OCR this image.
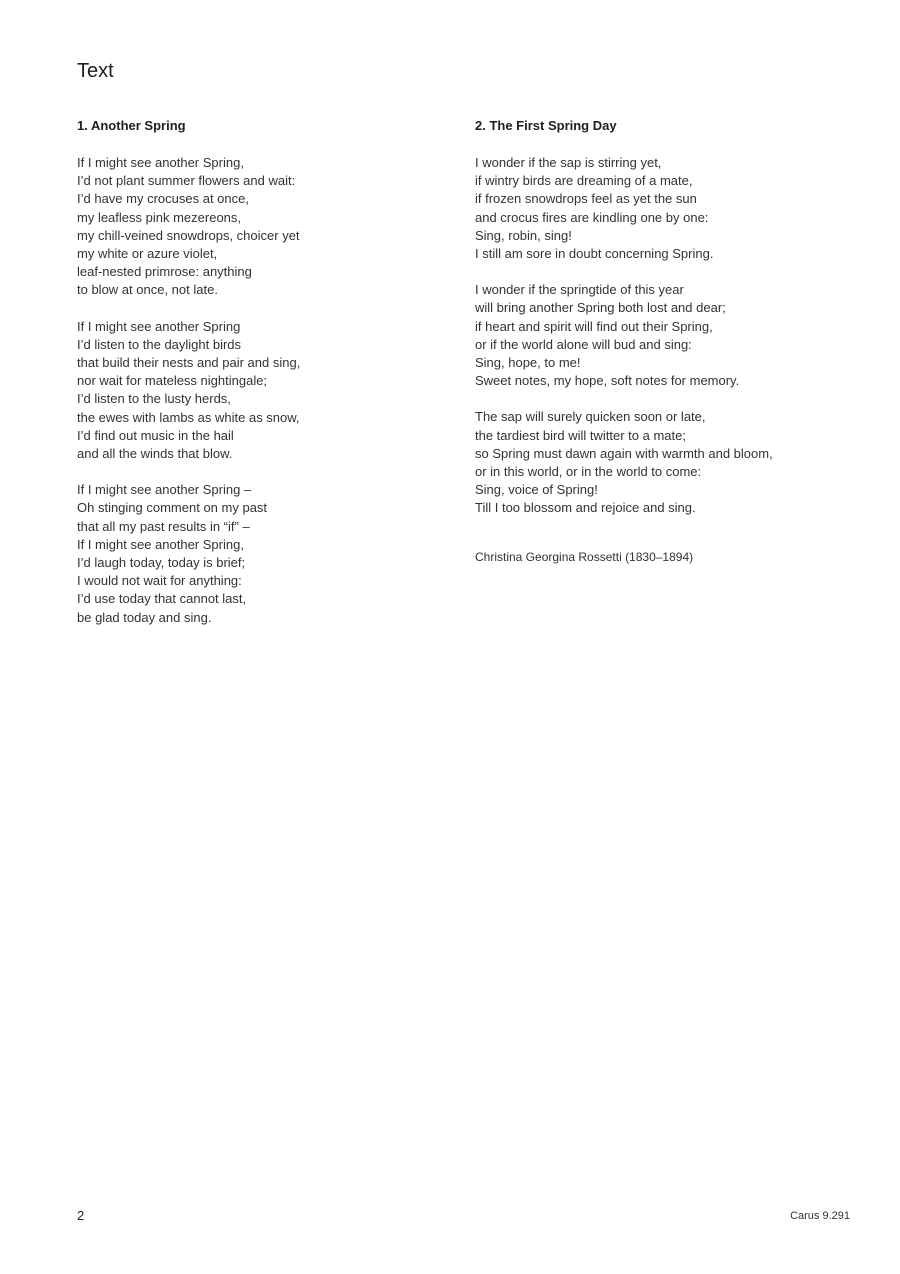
Text
1. Another Spring
If I might see another Spring,
I’d not plant summer flowers and wait:
I’d have my crocuses at once,
my leafless pink mezereons,
my chill-veined snowdrops, choicer yet
my white or azure violet,
leaf-nested primrose: anything
to blow at once, not late.
If I might see another Spring
I’d listen to the daylight birds
that build their nests and pair and sing,
nor wait for mateless nightingale;
I’d listen to the lusty herds,
the ewes with lambs as white as snow,
I’d find out music in the hail
and all the winds that blow.
If I might see another Spring –
Oh stinging comment on my past
that all my past results in “if” –
If I might see another Spring,
I’d laugh today, today is brief;
I would not wait for anything:
I’d use today that cannot last,
be glad today and sing.
2. The First Spring Day
I wonder if the sap is stirring yet,
if wintry birds are dreaming of a mate,
if frozen snowdrops feel as yet the sun
and crocus fires are kindling one by one:
Sing, robin, sing!
I still am sore in doubt concerning Spring.
I wonder if the springtide of this year
will bring another Spring both lost and dear;
if heart and spirit will find out their Spring,
or if the world alone will bud and sing:
Sing, hope, to me!
Sweet notes, my hope, soft notes for memory.
The sap will surely quicken soon or late,
the tardiest bird will twitter to a mate;
so Spring must dawn again with warmth and bloom,
or in this world, or in the world to come:
Sing, voice of Spring!
Till I too blossom and rejoice and sing.
Christina Georgina Rossetti (1830–1894)
2	Carus 9.291
